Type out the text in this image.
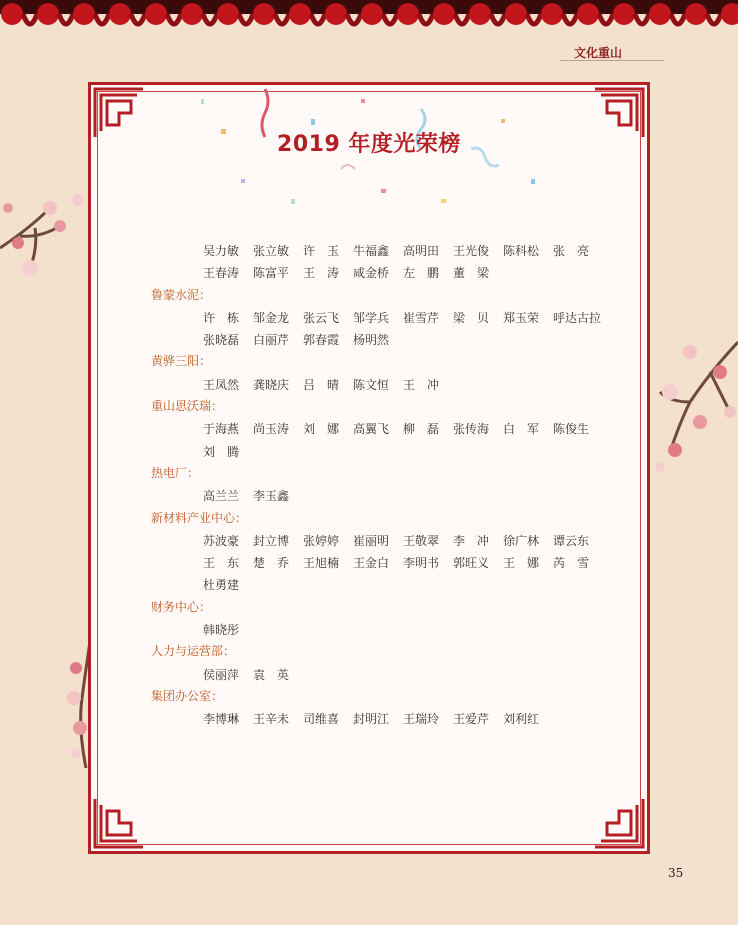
文化重山
2019 年度光荣榜
吴力敏 张立敏 许　玉 牛福鑫 高明田 王光俊 陈科松 张　亮
王春涛 陈富平 王　涛 咸金桥 左　鹏 董　梁
鲁蒙水泥：
许　栋 邹金龙 张云飞 邹学兵 崔雪芹 梁　贝 郑玉荣 呼达古拉
张晓磊 白丽芹 郭春霞 杨明然
黄骅三阳：
王凤然 龚晓庆 吕　晴 陈文恒 王　冲
重山思沃瑞：
于海燕 尚玉涛 刘　娜 高翼飞 柳　磊 张传海 白　军 陈俊生
刘　腾
热电厂：
高兰兰 李玉鑫
新材料产业中心：
苏波豪 封立博 张婷婷 崔丽明 王敬翠 李　冲 徐广林 谭云东
王　东 楚　乔 王旭楠 王金白 李明书 郭旺义 王　娜 芮　雪
杜勇建
财务中心：
韩晓彤
人力与运营部：
侯丽萍 袁　英
集团办公室：
李博琳 王辛未 司维喜 封明江 王瑞玲 王爱芹 刘利红
35
